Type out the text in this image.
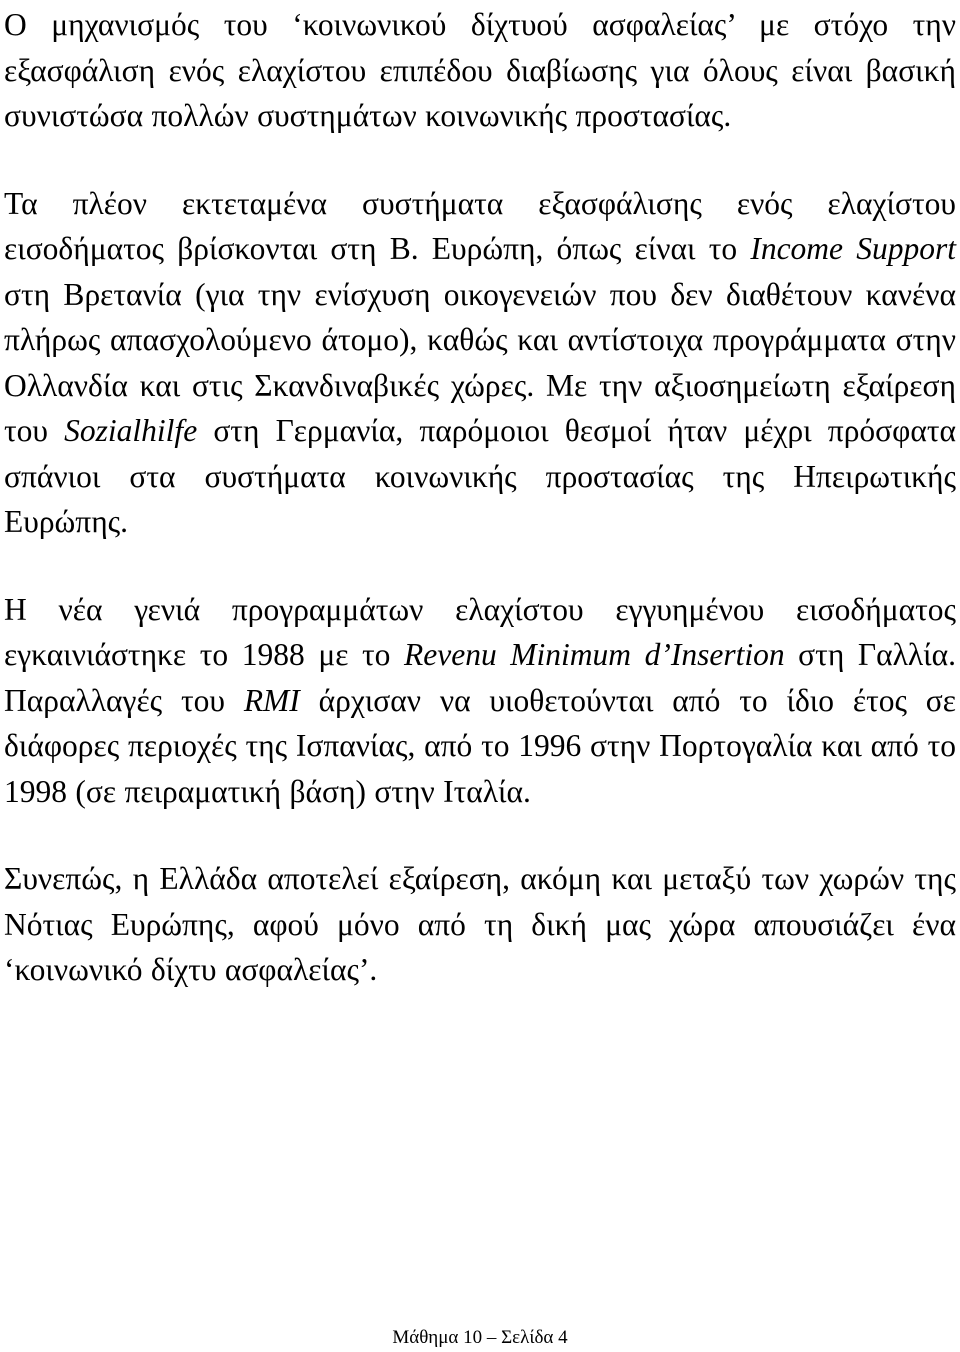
Ο μηχανισμός του ‘κοινωνικού δίχτυού ασφαλείας’ με στόχο την εξασφάλιση ενός ελαχίστου επιπέδου διαβίωσης για όλους είναι βασική συνιστώσα πολλών συστημάτων κοινωνικής προστασίας.

Τα πλέον εκτεταμένα συστήματα εξασφάλισης ενός ελαχίστου εισοδήματος βρίσκονται στη Β. Ευρώπη, όπως είναι το Income Support στη Βρετανία (για την ενίσχυση οικογενειών που δεν διαθέτουν κανένα πλήρως απασχολούμενο άτομο), καθώς και αντίστοιχα προγράμματα στην Ολλανδία και στις Σκανδιναβικές χώρες. Με την αξιοσημείωτη εξαίρεση του Sozialhilfe στη Γερμανία, παρόμοιοι θεσμοί ήταν μέχρι πρόσφατα σπάνιοι στα συστήματα κοινωνικής προστασίας της Ηπειρωτικής Ευρώπης.

Η νέα γενιά προγραμμάτων ελαχίστου εγγυημένου εισοδήματος εγκαινιάστηκε το 1988 με το Revenu Minimum d’Insertion στη Γαλλία. Παραλλαγές του RMI άρχισαν να υιοθετούνται από το ίδιο έτος σε διάφορες περιοχές της Ισπανίας, από το 1996 στην Πορτογαλία και από το 1998 (σε πειραματική βάση) στην Ιταλία.

Συνεπώς, η Ελλάδα αποτελεί εξαίρεση, ακόμη και μεταξύ των χωρών της Νότιας Ευρώπης, αφού μόνο από τη δική μας χώρα απουσιάζει ένα ‘κοινωνικό δίχτυ ασφαλείας’.

Μάθημα 10 – Σελίδα 4
